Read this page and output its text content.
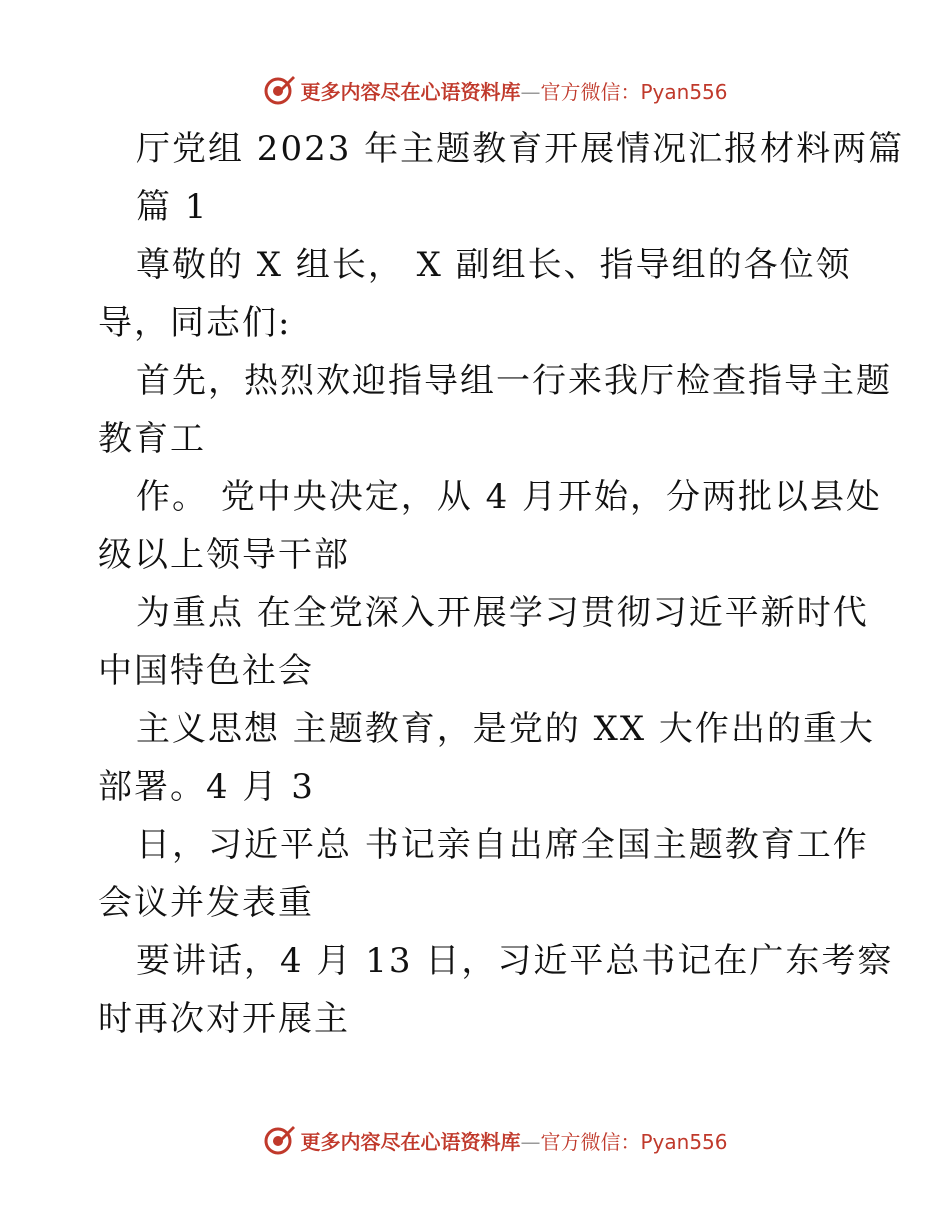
更多内容尽在心语资料库—官方微信：Pyan556
厅党组 2023 年主题教育开展情况汇报材料两篇
篇 1
尊敬的 X 组长， X 副组长、指导组的各位领
导，同志们:
首先，热烈欢迎指导组一行来我厅检查指导主题
教育工
作。 党中央决定，从 4 月开始，分两批以县处
级以上领导干部
为重点 在全党深入开展学习贯彻习近平新时代
中国特色社会
主义思想 主题教育，是党的 XX 大作出的重大
部署。4 月 3
日，习近平总 书记亲自出席全国主题教育工作
会议并发表重
要讲话，4 月 13 日，习近平总书记在广东考察
时再次对开展主
更多内容尽在心语资料库—官方微信：Pyan556
